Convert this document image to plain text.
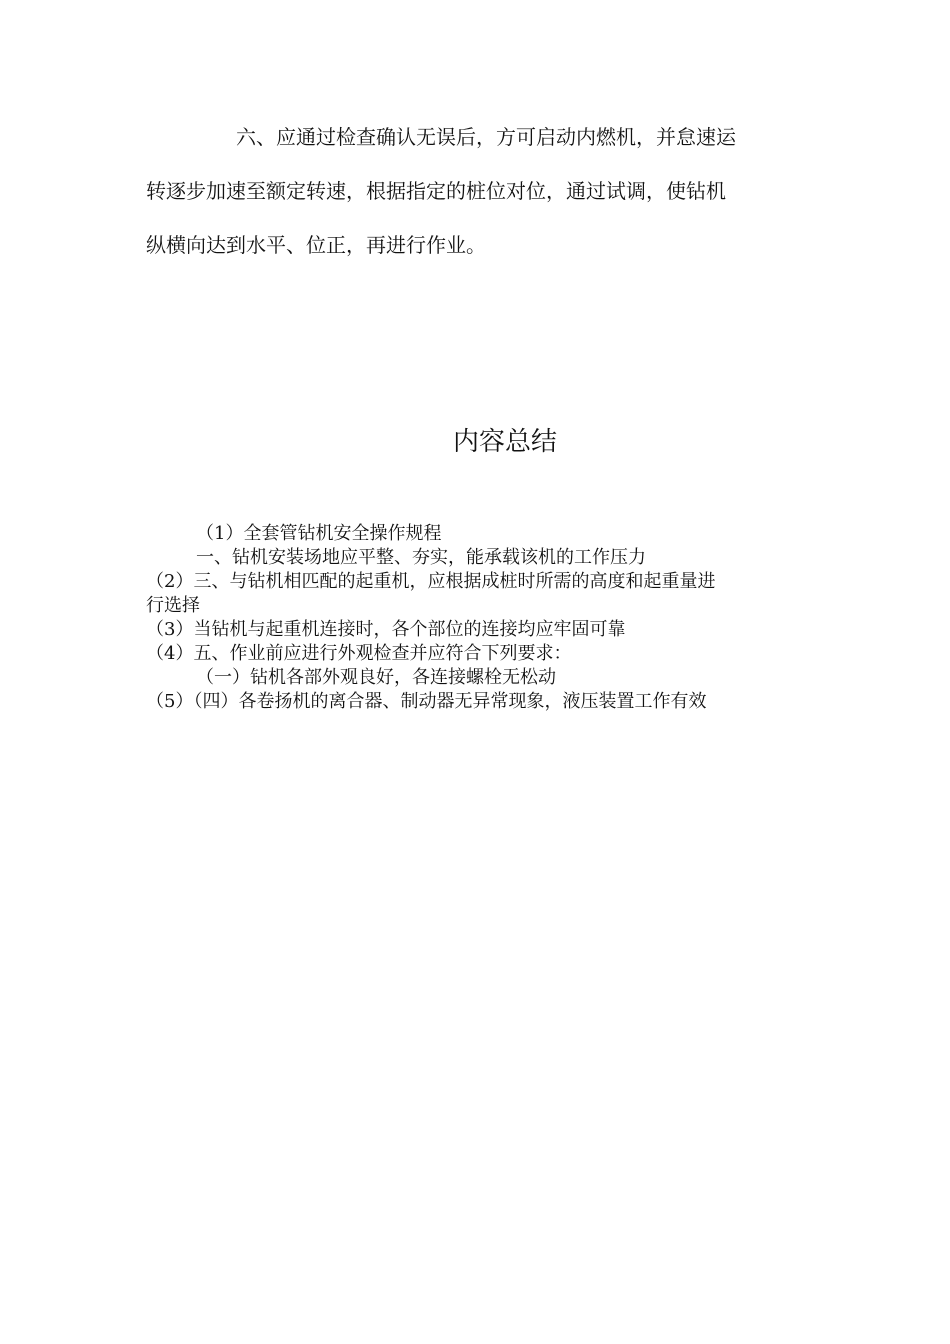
六、应通过检查确认无误后，方可启动内燃机，并怠速运
转逐步加速至额定转速，根据指定的桩位对位，通过试调，使钻机
纵横向达到水平、位正，再进行作业。
内容总结
（1）全套管钻机安全操作规程
一、钻机安装场地应平整、夯实，能承载该机的工作压力
（2）三、与钻机相匹配的起重机，应根据成桩时所需的高度和起重量进
行选择
（3）当钻机与起重机连接时，各个部位的连接均应牢固可靠
（4）五、作业前应进行外观检查并应符合下列要求：
（一）钻机各部外观良好，各连接螺栓无松动
（5）（四）各卷扬机的离合器、制动器无异常现象，液压装置工作有效
